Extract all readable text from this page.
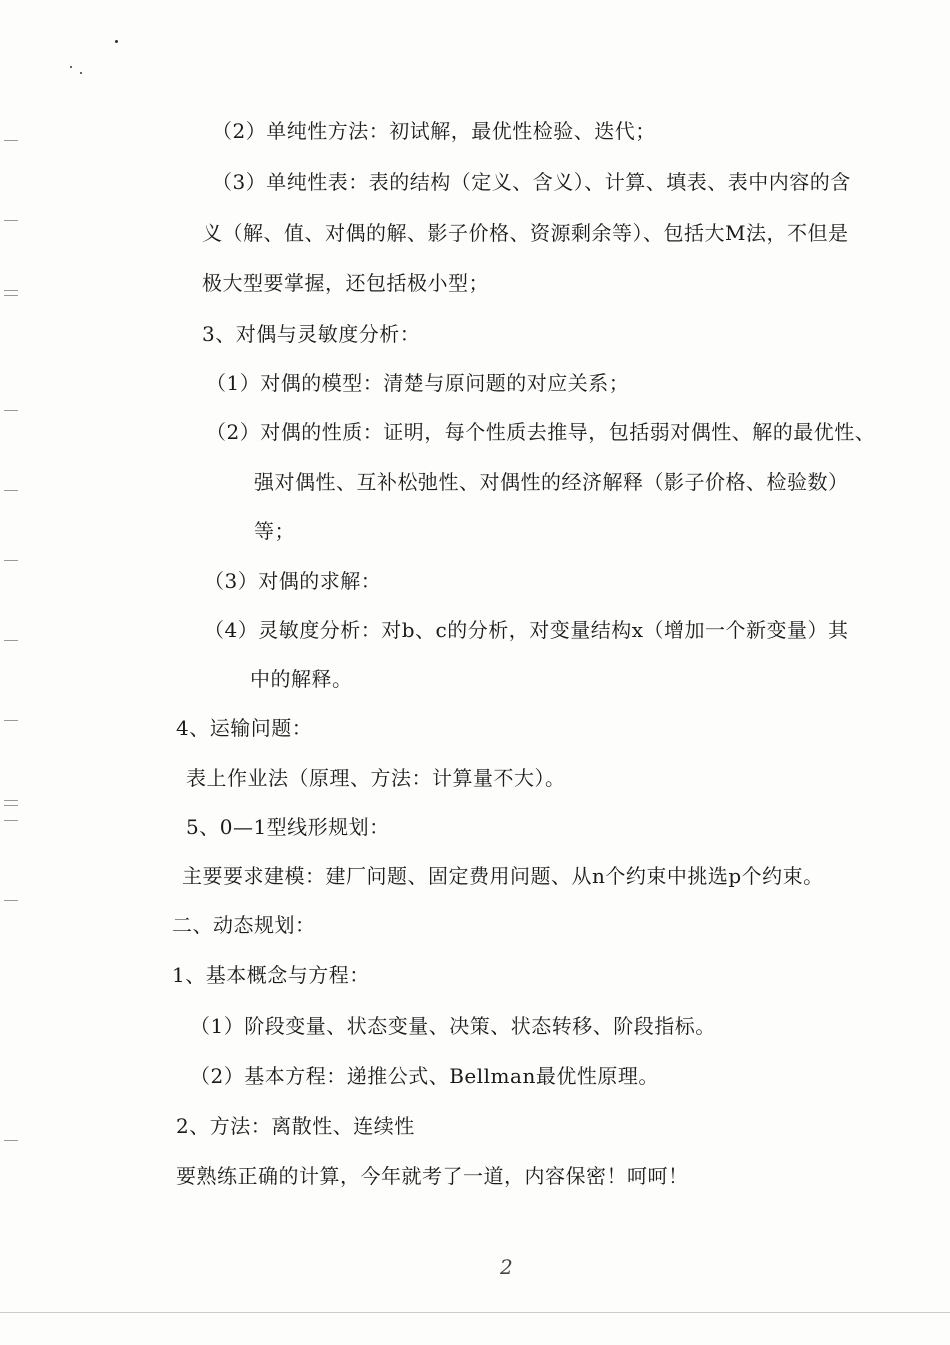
（2）单纯性方法：初试解，最优性检验、迭代；
（3）单纯性表：表的结构（定义、含义）、计算、填表、表中内容的含
义（解、值、对偶的解、影子价格、资源剩余等）、包括大M法，不但是
极大型要掌握，还包括极小型；
3、对偶与灵敏度分析：
（1）对偶的模型：清楚与原问题的对应关系；
（2）对偶的性质：证明，每个性质去推导，包括弱对偶性、解的最优性、
强对偶性、互补松弛性、对偶性的经济解释（影子价格、检验数）
等；
（3）对偶的求解：
（4）灵敏度分析：对b、c的分析，对变量结构x（增加一个新变量）其
中的解释。
4、运输问题：
表上作业法（原理、方法：计算量不大）。
5、0—1型线形规划：
主要要求建模：建厂问题、固定费用问题、从n个约束中挑选p个约束。
二、动态规划：
1、基本概念与方程：
（1）阶段变量、状态变量、决策、状态转移、阶段指标。
（2）基本方程：递推公式、Bellman最优性原理。
2、方法：离散性、连续性
要熟练正确的计算，今年就考了一道，内容保密！呵呵！
2
